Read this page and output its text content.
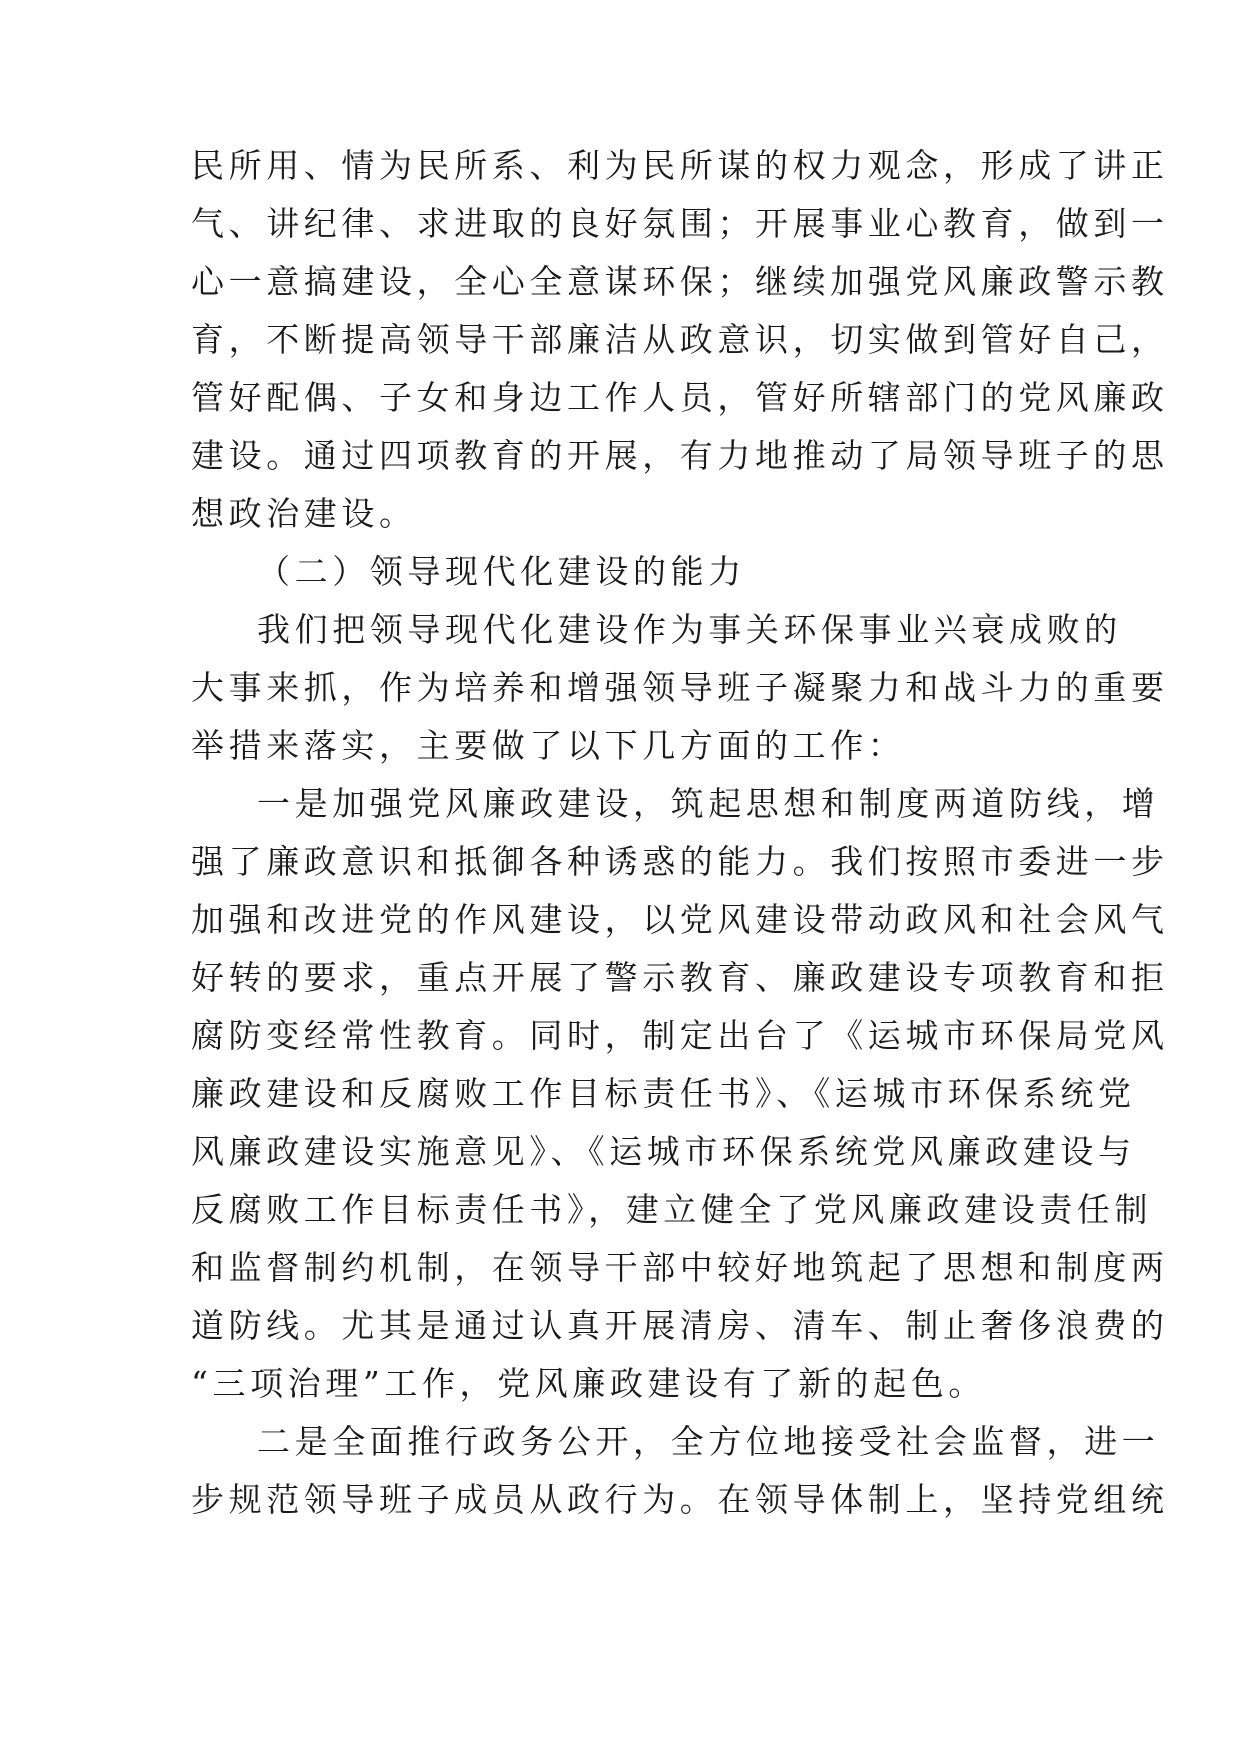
民所用、情为民所系、利为民所谋的权力观念，形成了讲正
气、讲纪律、求进取的良好氛围；开展事业心教育，做到一
心一意搞建设，全心全意谋环保；继续加强党风廉政警示教
育，不断提高领导干部廉洁从政意识，切实做到管好自己，
管好配偶、子女和身边工作人员，管好所辖部门的党风廉政
建设。通过四项教育的开展，有力地推动了局领导班子的思
想政治建设。
（二）领导现代化建设的能力
我们把领导现代化建设作为事关环保事业兴衰成败的
大事来抓，作为培养和增强领导班子凝聚力和战斗力的重要
举措来落实，主要做了以下几方面的工作：
一是加强党风廉政建设，筑起思想和制度两道防线，增
强了廉政意识和抵御各种诱惑的能力。我们按照市委进一步
加强和改进党的作风建设，以党风建设带动政风和社会风气
好转的要求，重点开展了警示教育、廉政建设专项教育和拒
腐防变经常性教育。同时，制定出台了《运城市环保局党风
廉政建设和反腐败工作目标责任书》、《运城市环保系统党
风廉政建设实施意见》、《运城市环保系统党风廉政建设与
反腐败工作目标责任书》，建立健全了党风廉政建设责任制
和监督制约机制，在领导干部中较好地筑起了思想和制度两
道防线。尤其是通过认真开展清房、清车、制止奢侈浪费的
“三项治理”工作，党风廉政建设有了新的起色。
二是全面推行政务公开，全方位地接受社会监督，进一
步规范领导班子成员从政行为。在领导体制上，坚持党组统
